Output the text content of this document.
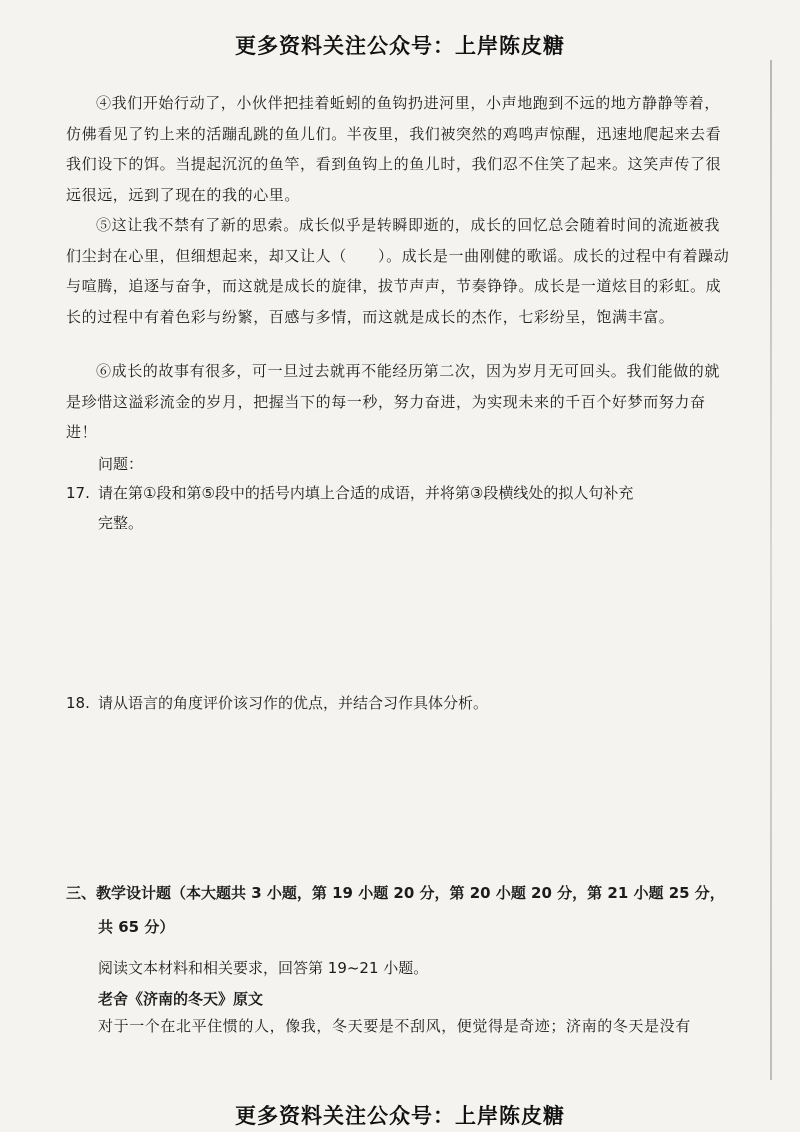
更多资料关注公众号：上岸陈皮糖

④我们开始行动了，小伙伴把挂着蚯蚓的鱼钩扔进河里，小声地跑到不远的地方静静等着，仿佛看见了钓上来的活蹦乱跳的鱼儿们。半夜里，我们被突然的鸡鸣声惊醒，迅速地爬起来去看我们设下的饵。当提起沉沉的鱼竿，看到鱼钩上的鱼儿时，我们忍不住笑了起来。这笑声传了很远很远，远到了现在的我的心里。

⑤这让我不禁有了新的思索。成长似乎是转瞬即逝的，成长的回忆总会随着时间的流逝被我们尘封在心里，但细想起来，却又让人（　　）。成长是一曲刚健的歌谣。成长的过程中有着躁动与喧腾，追逐与奋争，而这就是成长的旋律，拔节声声，节奏铮铮。成长是一道炫目的彩虹。成长的过程中有着色彩与纷繁，百感与多情，而这就是成长的杰作，七彩纷呈，饱满丰富。

⑥成长的故事有很多，可一旦过去就再不能经历第二次，因为岁月无可回头。我们能做的就是珍惜这溢彩流金的岁月，把握当下的每一秒，努力奋进，为实现未来的千百个好梦而努力奋进！

问题：

17. 请在第①段和第⑤段中的括号内填上合适的成语，并将第③段横线处的拟人句补充
完整。
18. 请从语言的角度评价该习作的优点，并结合习作具体分析。
三、教学设计题（本大题共 3 小题，第 19 小题 20 分，第 20 小题 20 分，第 21 小题 25 分，
共 65 分）

阅读文本材料和相关要求，回答第 19~21 小题。

老舍《济南的冬天》原文

对于一个在北平住惯的人，像我，冬天要是不刮风，便觉得是奇迹；济南的冬天是没有

更多资料关注公众号：上岸陈皮糖
